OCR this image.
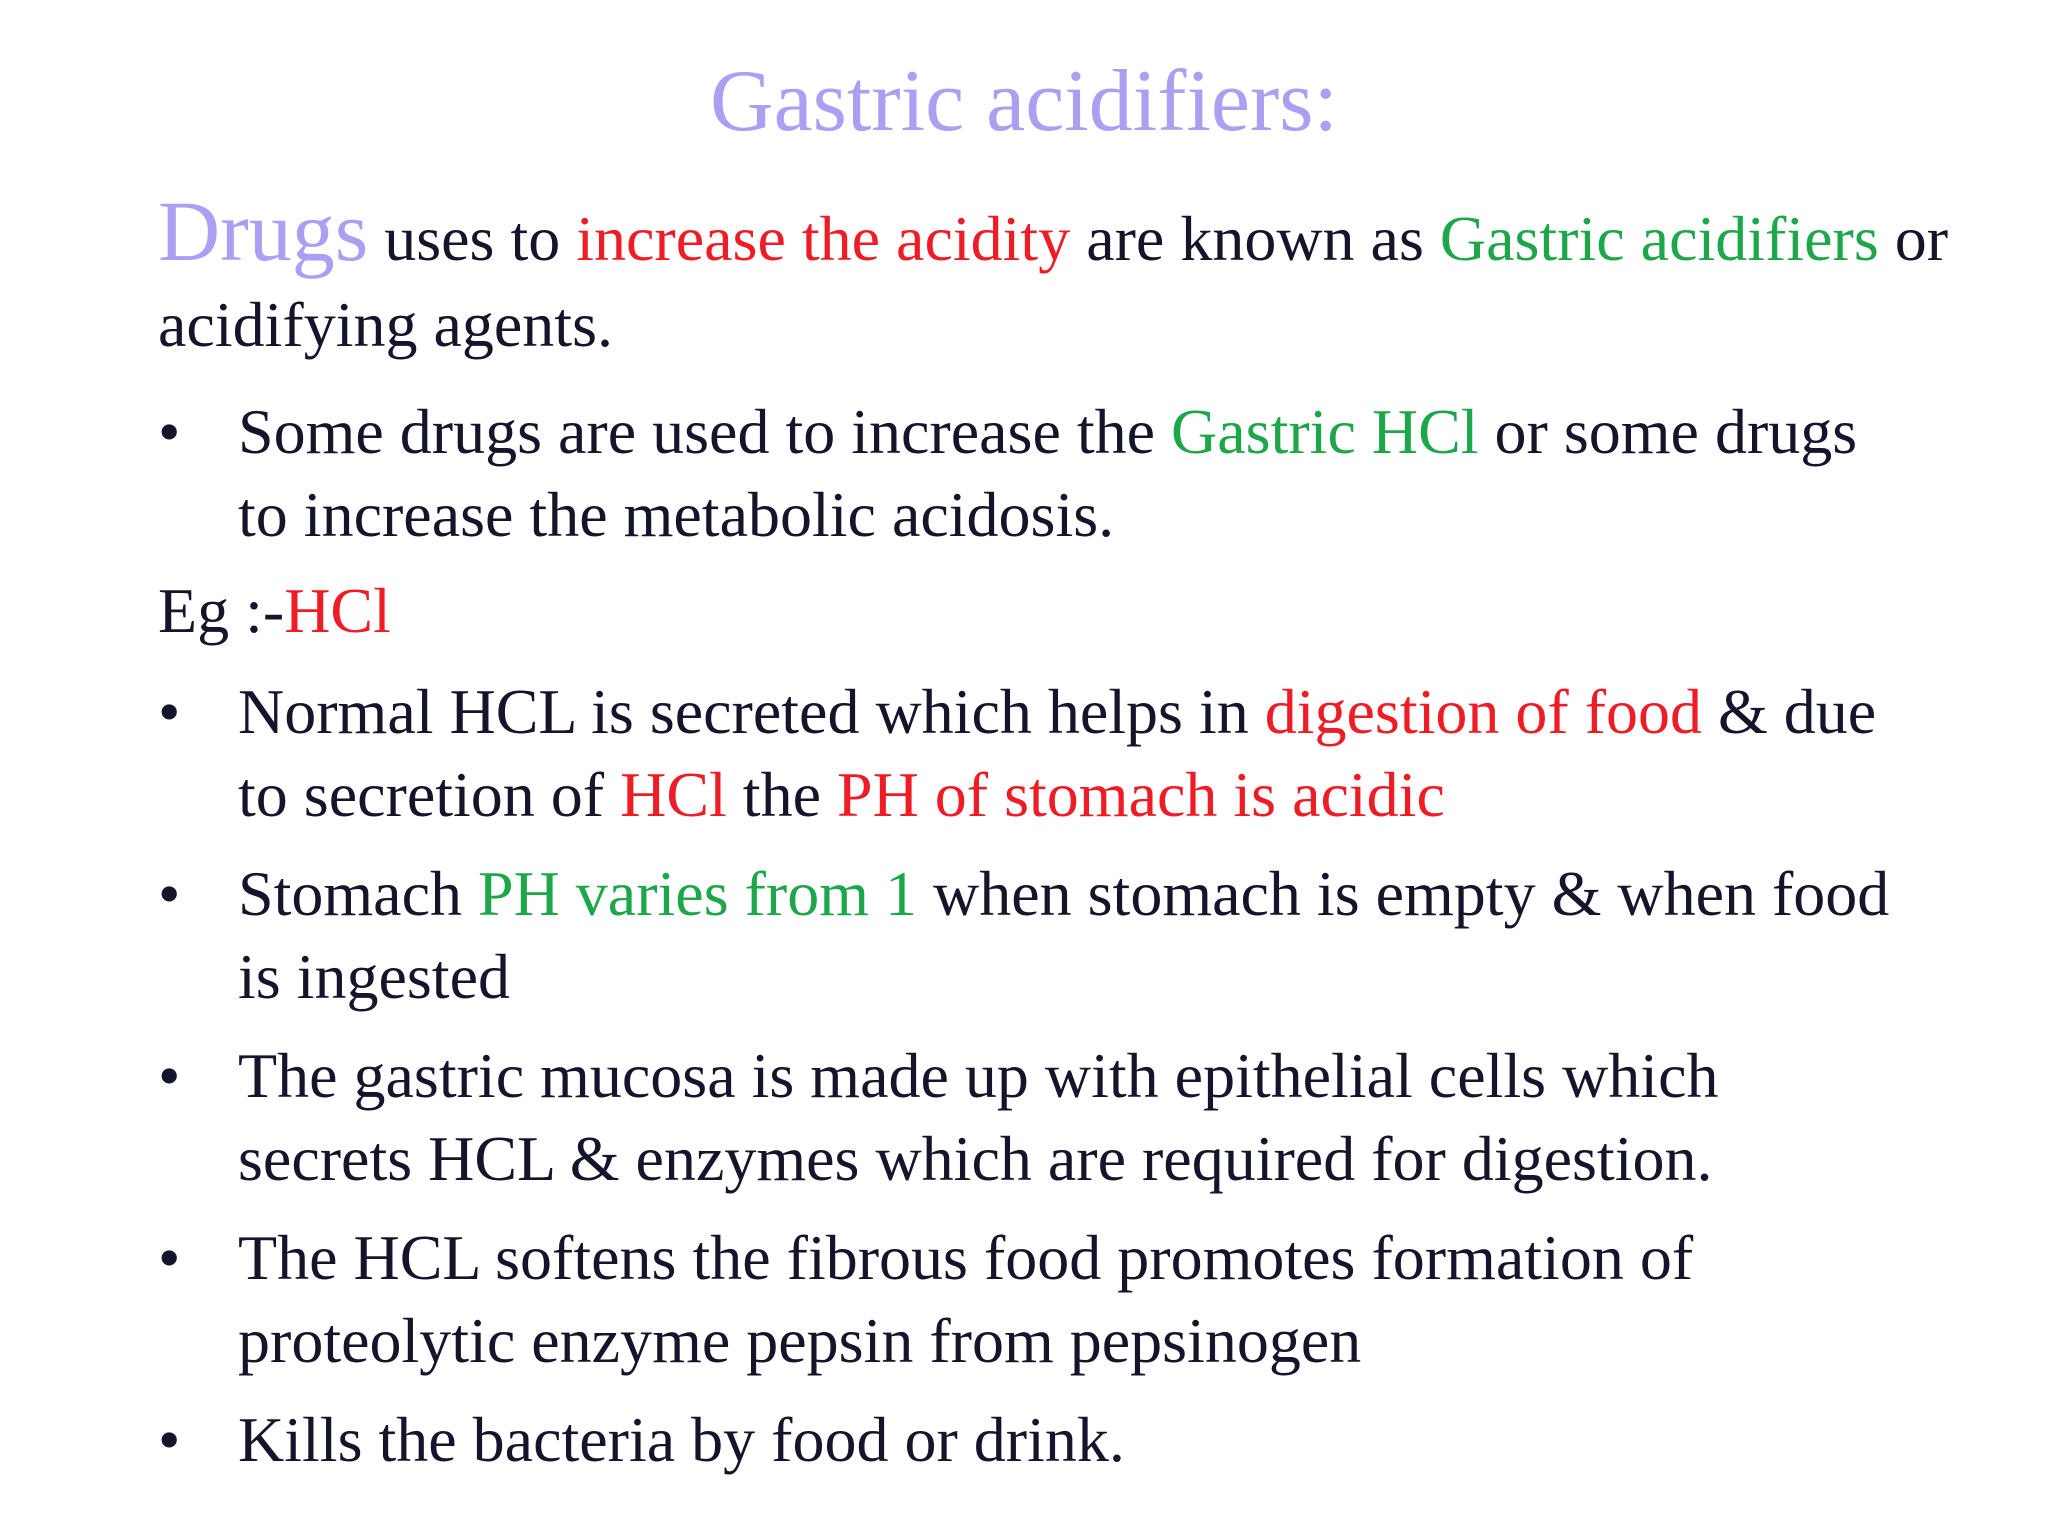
Gastric acidifiers:
Drugs uses to increase the acidity are known as Gastric acidifiers or acidifying agents.
• Some drugs are used to increase the Gastric HCl or some drugs to increase the metabolic acidosis.
Eg :-HCl
• Normal HCL is secreted which helps in digestion of food & due to secretion of HCl the PH of stomach is acidic
• Stomach PH varies from 1 when stomach is empty & when food is ingested
• The gastric mucosa is made up with epithelial cells which secrets HCL & enzymes which are required for digestion.
• The HCL softens the fibrous food promotes formation of proteolytic enzyme pepsin from pepsinogen
• Kills the bacteria by food or drink.
